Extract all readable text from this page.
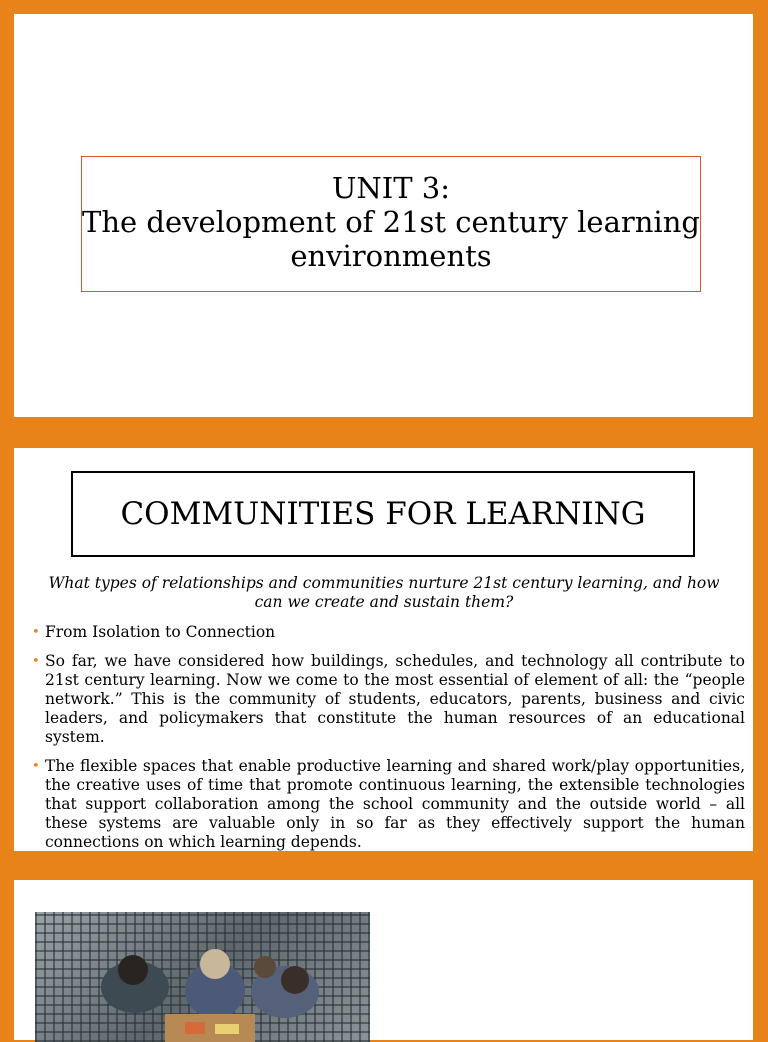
UNIT 3:
The development of 21st century learning
environments
COMMUNITIES FOR LEARNING
What types of relationships and communities nurture 21st century learning, and how can we create and sustain them?
• From Isolation to Connection
• So far, we have considered how buildings, schedules, and technology all contribute to 21st century learning. Now we come to the most essential of element of all: the “people network.” This is the community of students, educators, parents, business and civic leaders, and policymakers that constitute the human resources of an educational system.
• The flexible spaces that enable productive learning and shared work/play opportunities, the creative uses of time that promote continuous learning, the extensible technologies that support collaboration among the school community and the outside world – all these systems are valuable only in so far as they effectively support the human connections on which learning depends.
